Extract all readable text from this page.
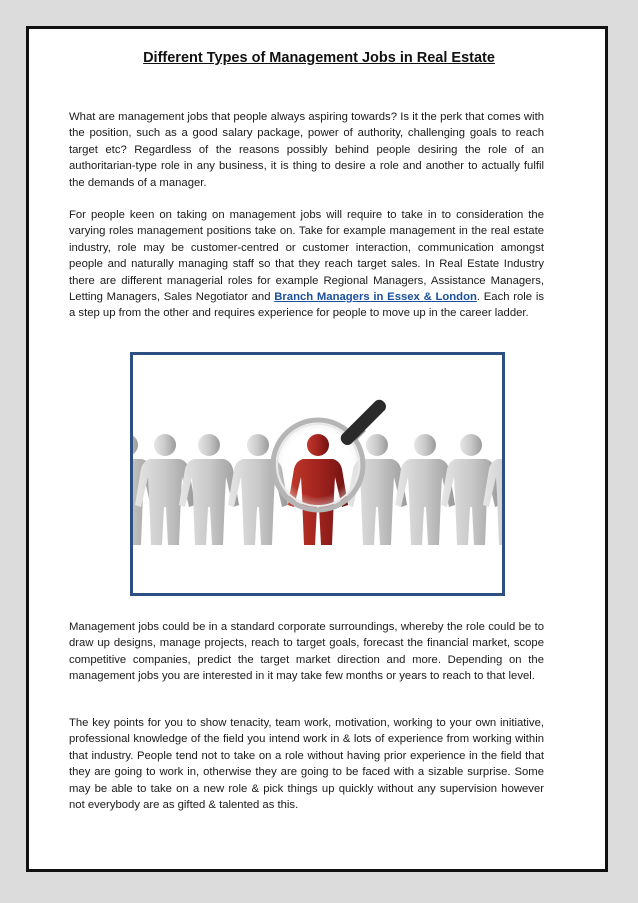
Different Types of Management Jobs in Real Estate

What are management jobs that people always aspiring towards? Is it the perk that comes with the position, such as a good salary package, power of authority, challenging goals to reach target etc? Regardless of the reasons possibly behind people desiring the role of an authoritarian-type role in any business, it is thing to desire a role and another to actually fulfil the demands of a manager.

For people keen on taking on management jobs will require to take in to consideration the varying roles management positions take on. Take for example management in the real estate industry, role may be customer-centred or customer interaction, communication amongst people and naturally managing staff so that they reach target sales. In Real Estate Industry there are different managerial roles for example Regional Managers, Assistance Managers, Letting Managers, Sales Negotiator and Branch Managers in Essex & London. Each role is a step up from the other and requires experience for people to move up in the career ladder.

Management jobs could be in a standard corporate surroundings, whereby the role could be to draw up designs, manage projects, reach to target goals, forecast the financial market, scope competitive companies, predict the target market direction and more. Depending on the management jobs you are interested in it may take few months or years to reach to that level.

The key points for you to show tenacity, team work, motivation, working to your own initiative, professional knowledge of the field you intend work in & lots of experience from working within that industry. People tend not to take on a role without having prior experience in the field that they are going to work in, otherwise they are going to be faced with a sizable surprise. Some may be able to take on a new role & pick things up quickly without any supervision however not everybody are as gifted & talented as this.
